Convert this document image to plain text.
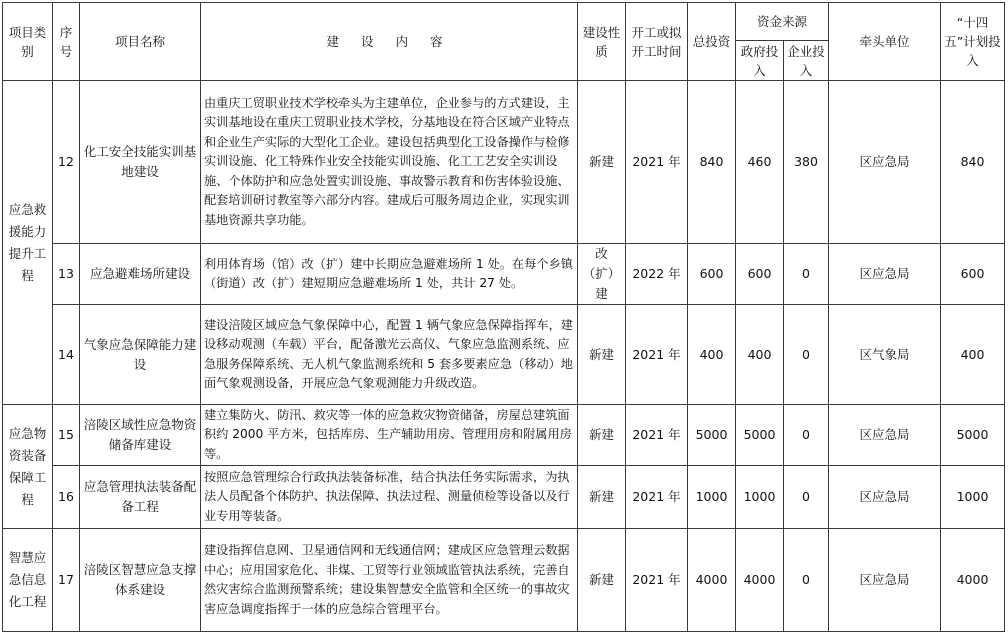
项目类别	序号	项目名称	建 设 内 容	建设性质	开工或拟开工时间	总投资	资金来源		牵头单位	“十四五”计划投入
							政府投入	企业投入		
应急救援能力提升工程	12	化工安全技能实训基地建设	由重庆工贸职业技术学校牵头为主建单位，企业参与的方式建设，主实训基地设在重庆工贸职业技术学校，分基地设在符合区域产业特点和企业生产实际的大型化工企业。建设包括典型化工设备操作与检修实训设施、化工特殊作业安全技能实训设施、化工工艺安全实训设施、个体防护和应急处置实训设施、事故警示教育和伤害体验设施、配套培训研讨教室等六部分内容。建成后可服务周边企业，实现实训基地资源共享功能。	新建	2021 年	840	460	380	区应急局	840
	13	应急避难场所建设	利用体育场（馆）改（扩）建中长期应急避难场所 1 处。在每个乡镇（街道）改（扩）建短期应急避难场所 1 处，共计 27 处。	改（扩）建	2022 年	600	600	0	区应急局	600
	14	气象应急保障能力建设	建设涪陵区域应急气象保障中心，配置 1 辆气象应急保障指挥车，建设移动观测（车载）平台，配备激光云高仪、气象应急监测系统、应急服务保障系统、无人机气象监测系统和 5 套多要素应急（移动）地面气象观测设备，开展应急气象观测能力升级改造。	新建	2021 年	400	400	0	区气象局	400
应急物资装备保障工程	15	涪陵区域性应急物资储备库建设	建立集防火、防汛、救灾等一体的应急救灾物资储备，房屋总建筑面积约 2000 平方米，包括库房、生产辅助用房、管理用房和附属用房等。	新建	2021 年	5000	5000	0	区应急局	5000
	16	应急管理执法装备配备工程	按照应急管理综合行政执法装备标准，结合执法任务实际需求，为执法人员配备个体防护、执法保障、执法过程、测量侦检等设备以及行业专用等装备。	新建	2021 年	1000	1000	0	区应急局	1000
智慧应急信息化工程	17	涪陵区智慧应急支撑体系建设	建设指挥信息网、卫星通信网和无线通信网；建成区应急管理云数据中心；应用国家危化、非煤、工贸等行业领域监管执法系统，完善自然灾害综合监测预警系统；建设集智慧安全监管和全区统一的事故灾害应急调度指挥于一体的应急综合管理平台。	新建	2021 年	4000	4000	0	区应急局	4000
